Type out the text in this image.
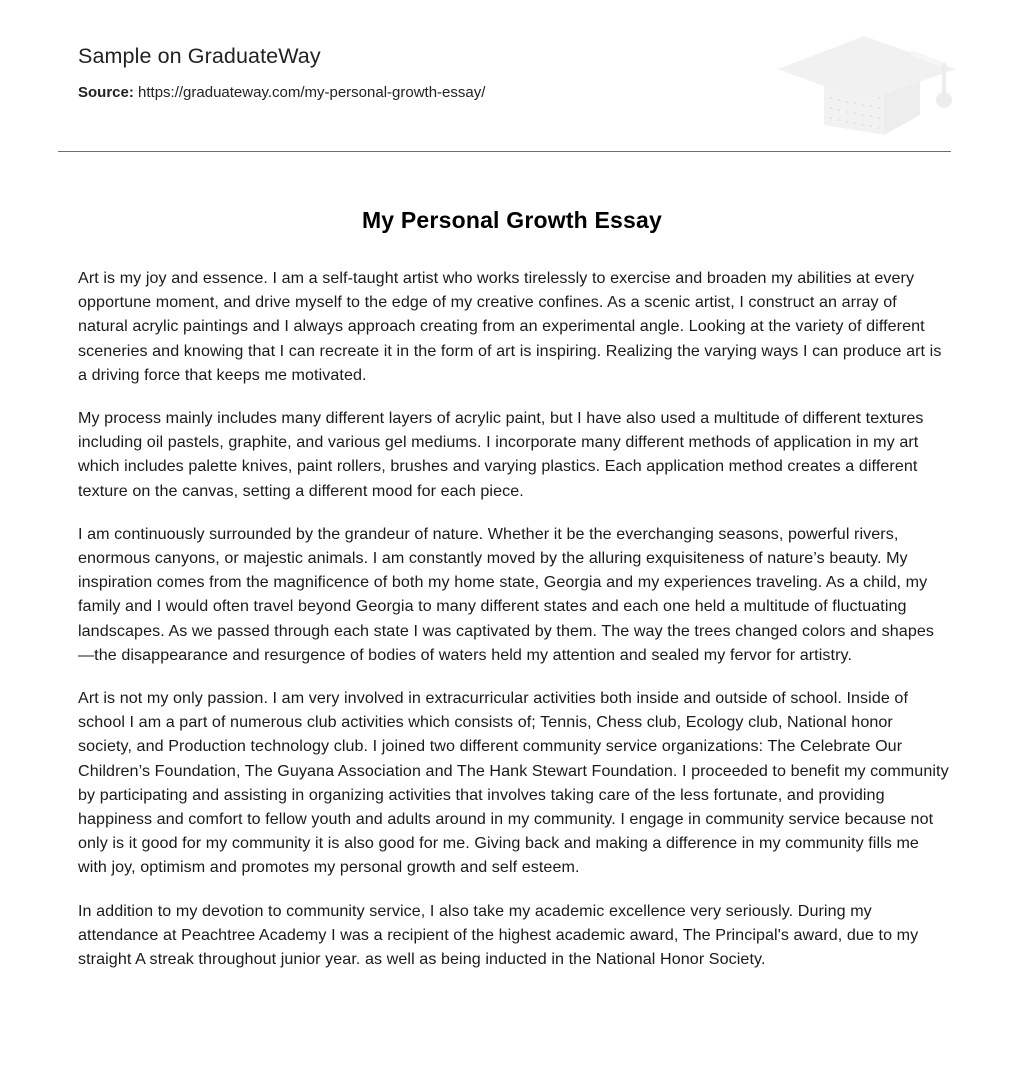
Sample on GraduateWay
Source: https://graduateway.com/my-personal-growth-essay/
My Personal Growth Essay

Art is my joy and essence. I am a self-taught artist who works tirelessly to exercise and broaden my abilities at every opportune moment, and drive myself to the edge of my creative confines. As a scenic artist, I construct an array of natural acrylic paintings and I always approach creating from an experimental angle. Looking at the variety of different sceneries and knowing that I can recreate it in the form of art is inspiring. Realizing the varying ways I can produce art is a driving force that keeps me motivated.

My process mainly includes many different layers of acrylic paint, but I have also used a multitude of different textures including oil pastels, graphite, and various gel mediums. I incorporate many different methods of application in my art which includes palette knives, paint rollers, brushes and varying plastics. Each application method creates a different texture on the canvas, setting a different mood for each piece.

I am continuously surrounded by the grandeur of nature. Whether it be the everchanging seasons, powerful rivers, enormous canyons, or majestic animals. I am constantly moved by the alluring exquisiteness of nature’s beauty. My inspiration comes from the magnificence of both my home state, Georgia and my experiences traveling. As a child, my family and I would often travel beyond Georgia to many different states and each one held a multitude of fluctuating landscapes. As we passed through each state I was captivated by them. The way the trees changed colors and shapes—the disappearance and resurgence of bodies of waters held my attention and sealed my fervor for artistry.

Art is not my only passion. I am very involved in extracurricular activities both inside and outside of school. Inside of school I am a part of numerous club activities which consists of; Tennis, Chess club, Ecology club, National honor society, and Production technology club. I joined two different community service organizations: The Celebrate Our Children’s Foundation, The Guyana Association and The Hank Stewart Foundation. I proceeded to benefit my community by participating and assisting in organizing activities that involves taking care of the less fortunate, and providing happiness and comfort to fellow youth and adults around in my community. I engage in community service because not only is it good for my community it is also good for me. Giving back and making a difference in my community fills me with joy, optimism and promotes my personal growth and self esteem.

In addition to my devotion to community service, I also take my academic excellence very seriously. During my attendance at Peachtree Academy I was a recipient of the highest academic award, The Principal's award, due to my straight A streak throughout junior year. as well as being inducted in the National Honor Society.
